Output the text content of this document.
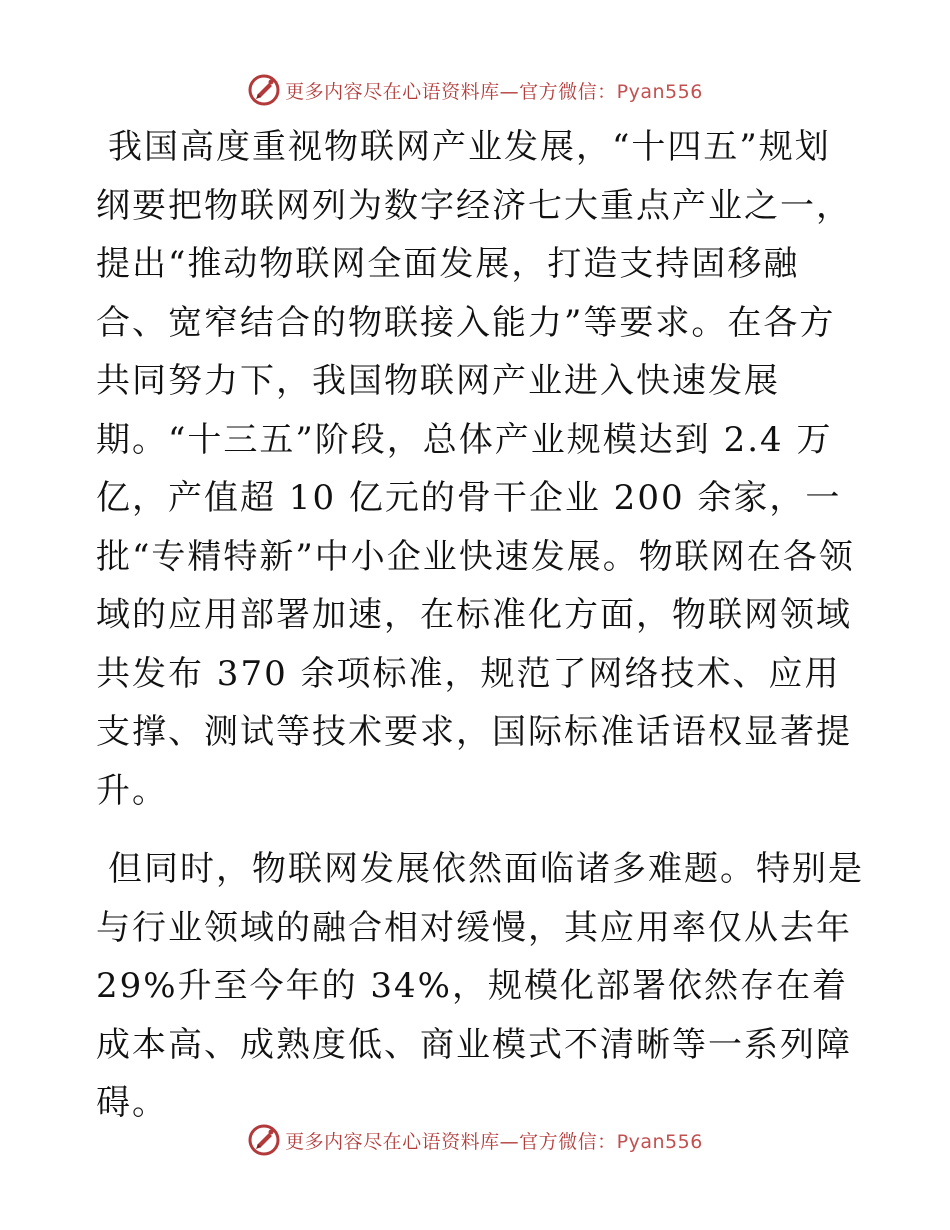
更多内容尽在心语资料库—官方微信：Pyan556

我国高度重视物联网产业发展，“十四五”规划纲要把物联网列为数字经济七大重点产业之一，提出“推动物联网全面发展，打造支持固移融合、宽窄结合的物联接入能力”等要求。在各方共同努力下，我国物联网产业进入快速发展期。“十三五”阶段，总体产业规模达到 2.4 万亿，产值超 10 亿元的骨干企业 200 余家，一批“专精特新”中小企业快速发展。物联网在各领域的应用部署加速，在标准化方面，物联网领域共发布 370 余项标准，规范了网络技术、应用支撑、测试等技术要求，国际标准话语权显著提升。

但同时，物联网发展依然面临诸多难题。特别是与行业领域的融合相对缓慢，其应用率仅从去年 29%升至今年的 34%，规模化部署依然存在着成本高、成熟度低、商业模式不清晰等一系列障碍。

更多内容尽在心语资料库—官方微信：Pyan556
